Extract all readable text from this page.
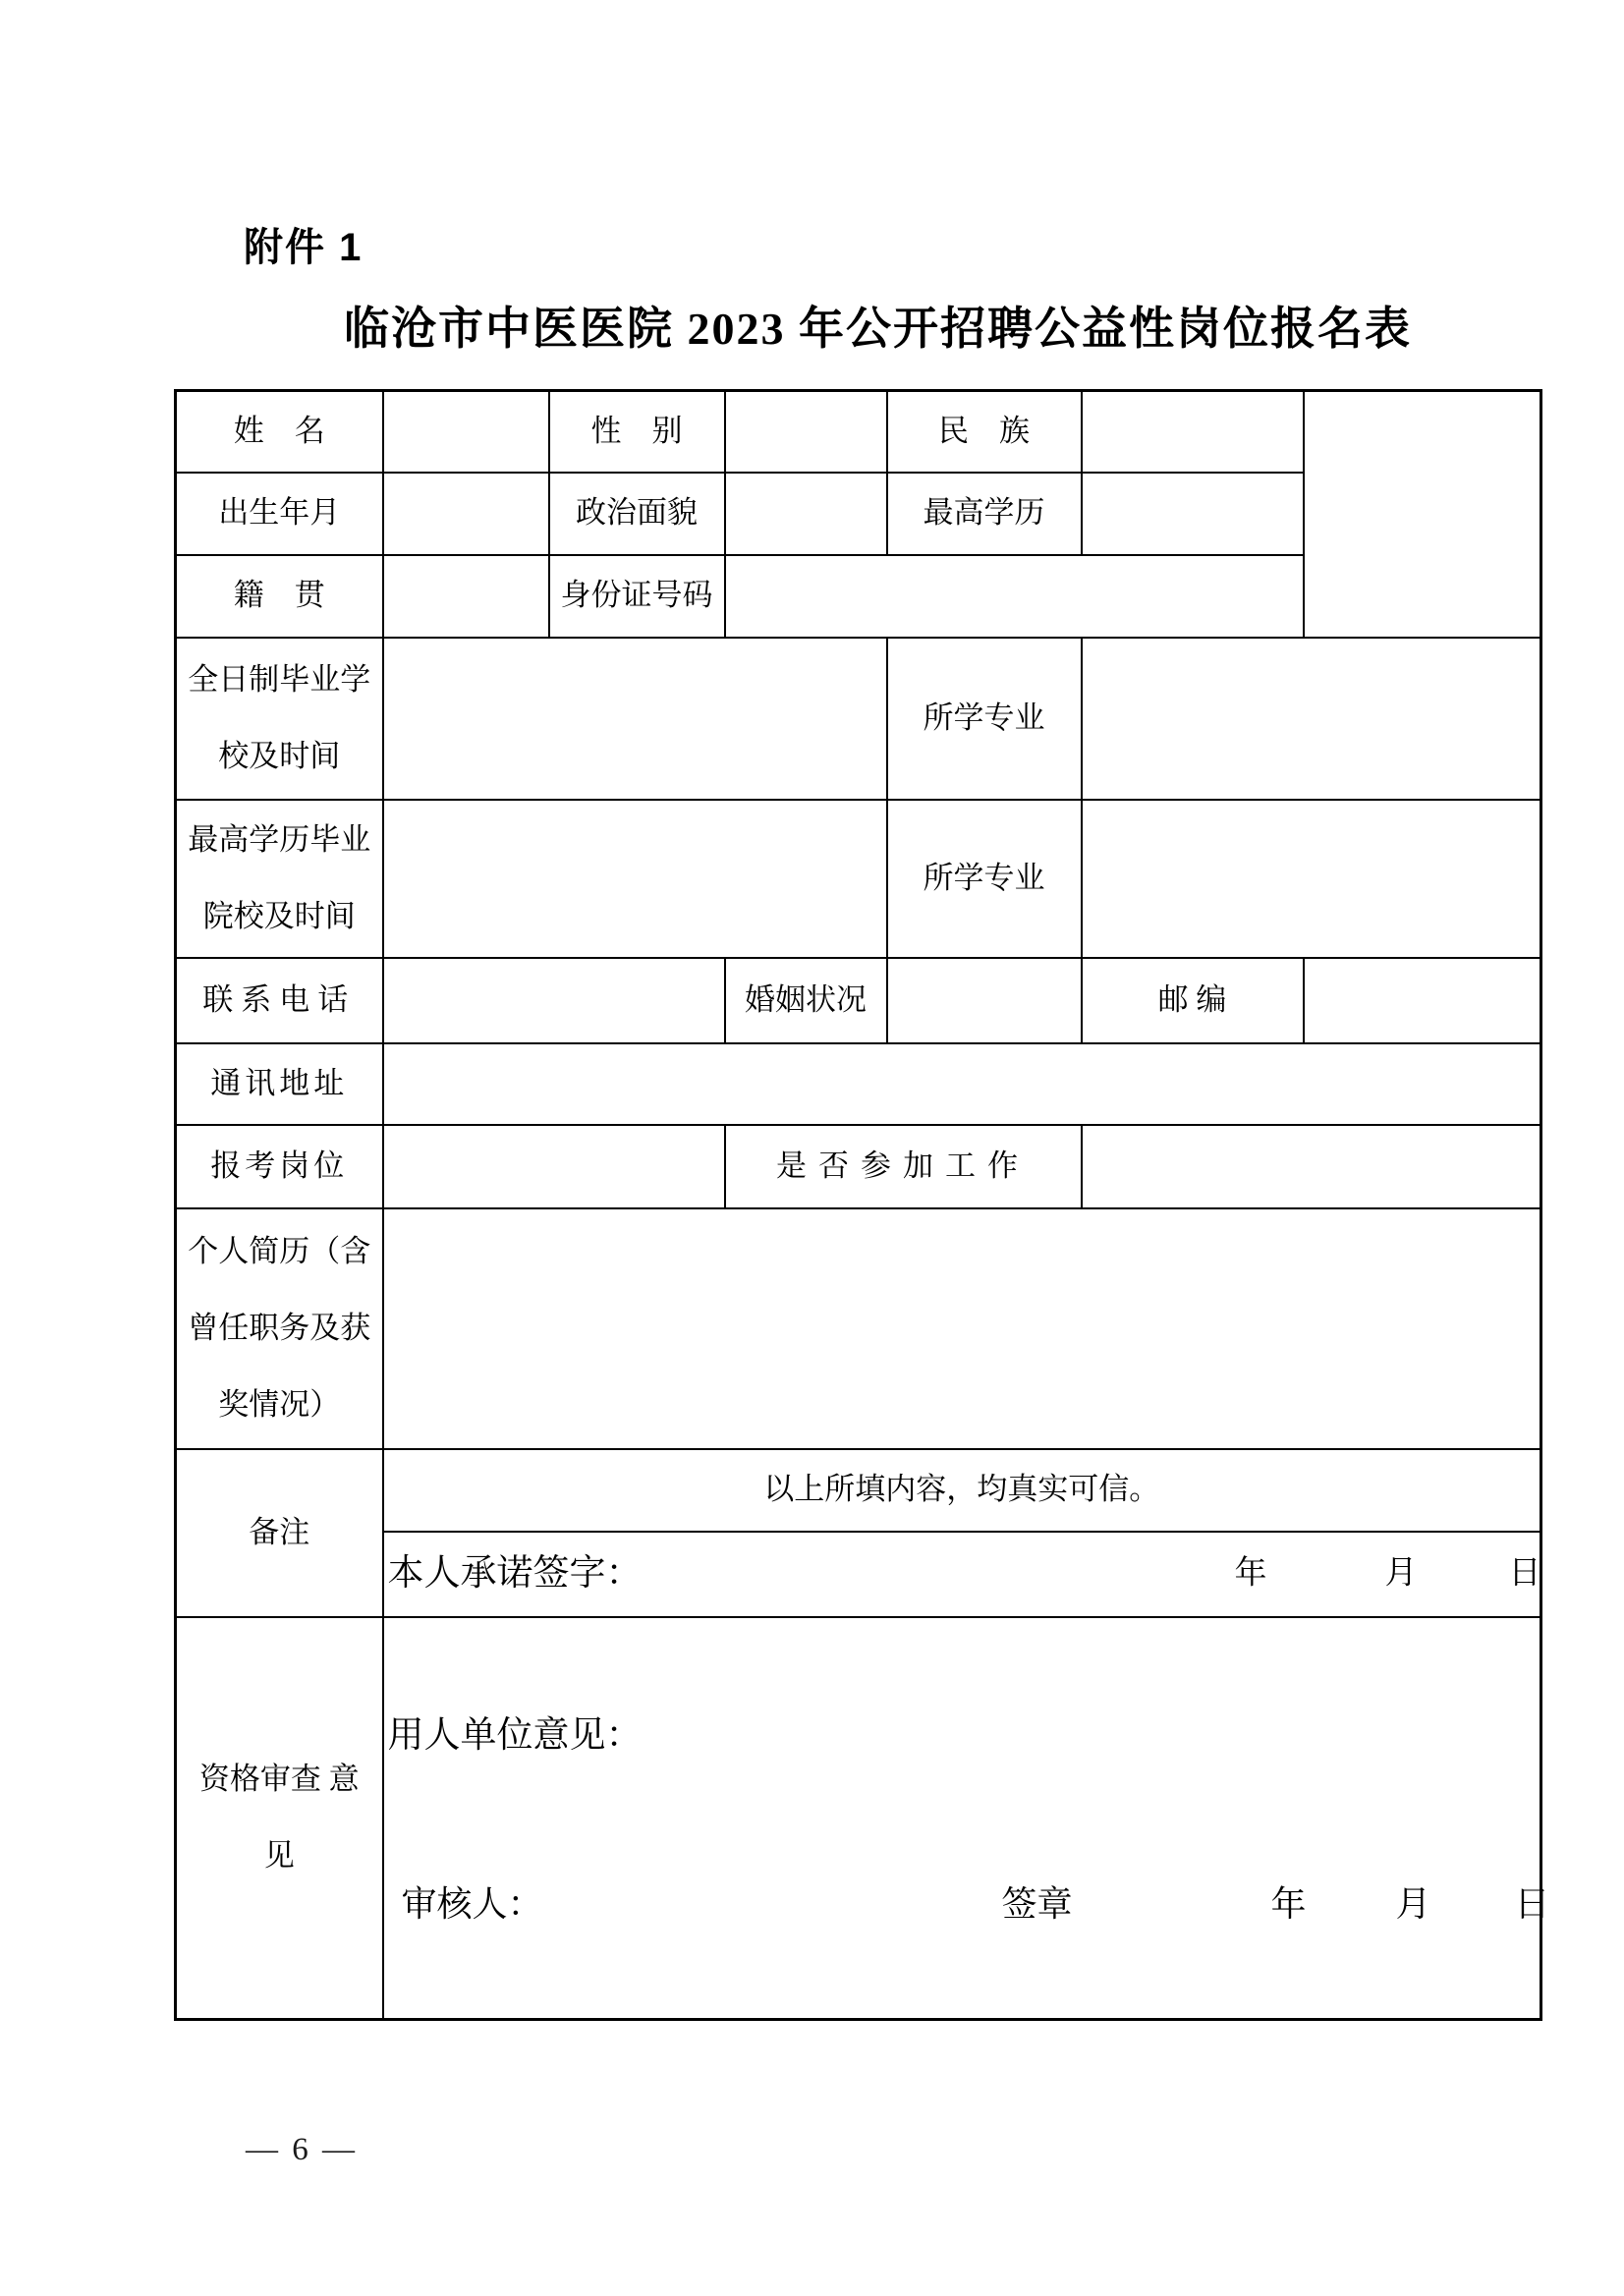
附件 1
临沧市中医医院 2023 年公开招聘公益性岗位报名表
姓　名		性　别		民　族		
出生年月		政治面貌		最高学历		
籍　贯		身份证号码				

全日制毕业学
校及时间				所学专业		

最高学历毕业
院校及时间				所学专业		
联系电话			婚姻状况		邮 编	
通讯地址						
报考岗位			是否参加工作			

个人简历（含
曾任职务及获
奖情况）						

备注	以上所填内容，均真实可信。
本人承诺签字： 年 月 日					

资格审查 意
见

用人单位意见：
审核人：	签章	年	月 日
— 6 —
